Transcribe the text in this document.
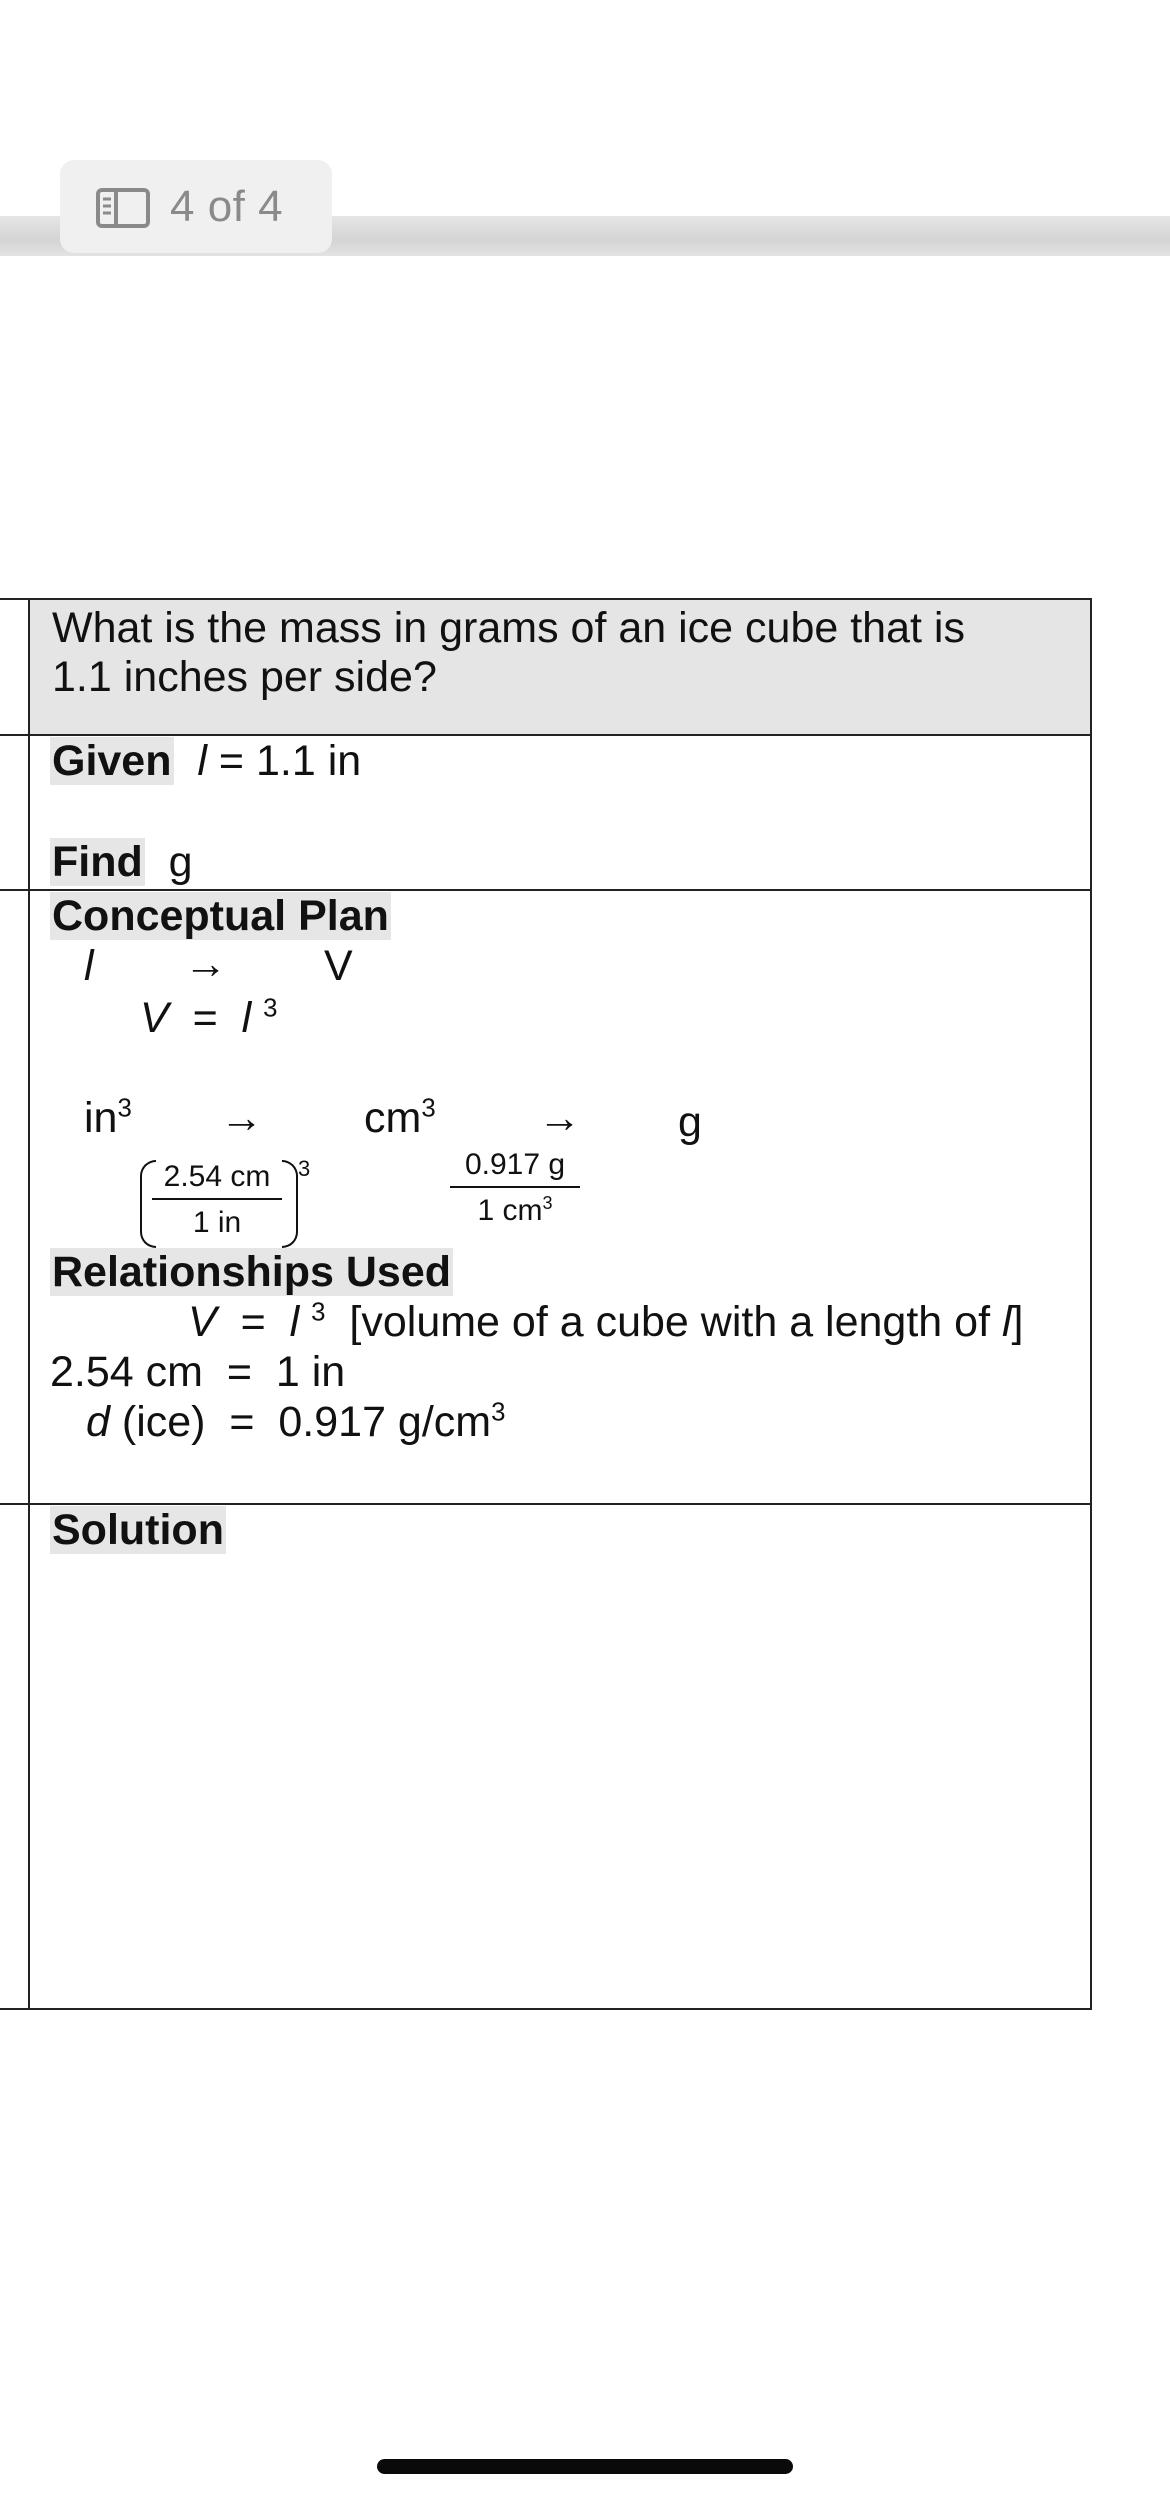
4 of 4
What is the mass in grams of an ice cube that is
1.1 inches per side?
Given l = 1.1 in
Find g
Conceptual Plan
l → V
V = l $^3$
$in^3 \to cm^3 \to g$
$\frac{2.54 cm}{1 in} 3$	$\frac{0.917 g}{1 cm^3}$
Relationships Used
V = l $^3$ [volume of a cube with a length of l]
2.54 cm  =  1 in
d (ice)  =  0.917 $g/cm^3$
Solution
